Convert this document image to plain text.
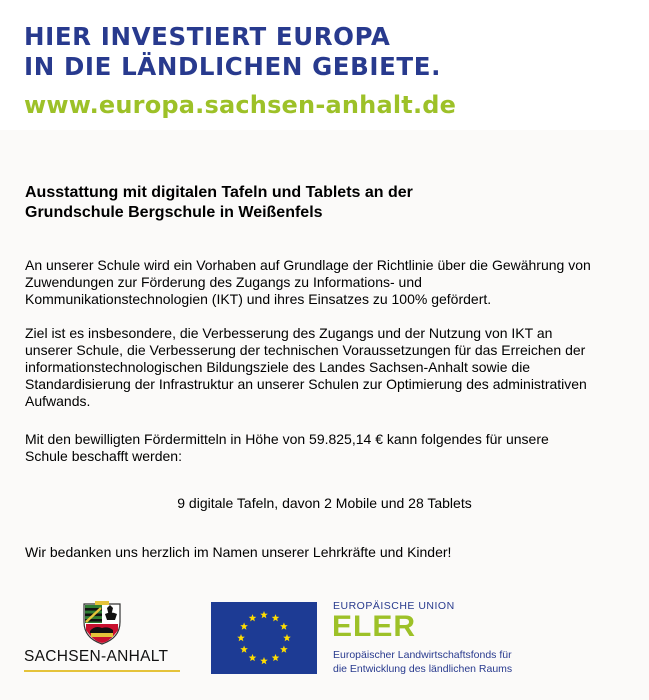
HIER INVESTIERT EUROPA
IN DIE LÄNDLICHEN GEBIETE.
www.europa.sachsen-anhalt.de
Ausstattung mit digitalen Tafeln und Tablets an der
Grundschule Bergschule in Weißenfels
An unserer Schule wird ein Vorhaben auf Grundlage der Richtlinie über die Gewährung von
Zuwendungen zur Förderung des Zugangs zu Informations- und
Kommunikationstechnologien (IKT) und ihres Einsatzes zu 100% gefördert.
Ziel ist es insbesondere, die Verbesserung des Zugangs und der Nutzung von IKT an
unserer Schule, die Verbesserung der technischen Voraussetzungen für das Erreichen der
informationstechnologischen Bildungsziele des Landes Sachsen-Anhalt sowie die
Standardisierung der Infrastruktur an unserer Schulen zur Optimierung des administrativen
Aufwands.
Mit den bewilligten Fördermitteln in Höhe von 59.825,14 € kann folgendes für unsere
Schule beschafft werden:
9 digitale Tafeln, davon 2 Mobile und 28 Tablets
Wir bedanken uns herzlich im Namen unserer Lehrkräfte und Kinder!
SACHSEN-ANHALT
EUROPÄISCHE UNION
ELER
Europäischer Landwirtschaftsfonds für
die Entwicklung des ländlichen Raums
